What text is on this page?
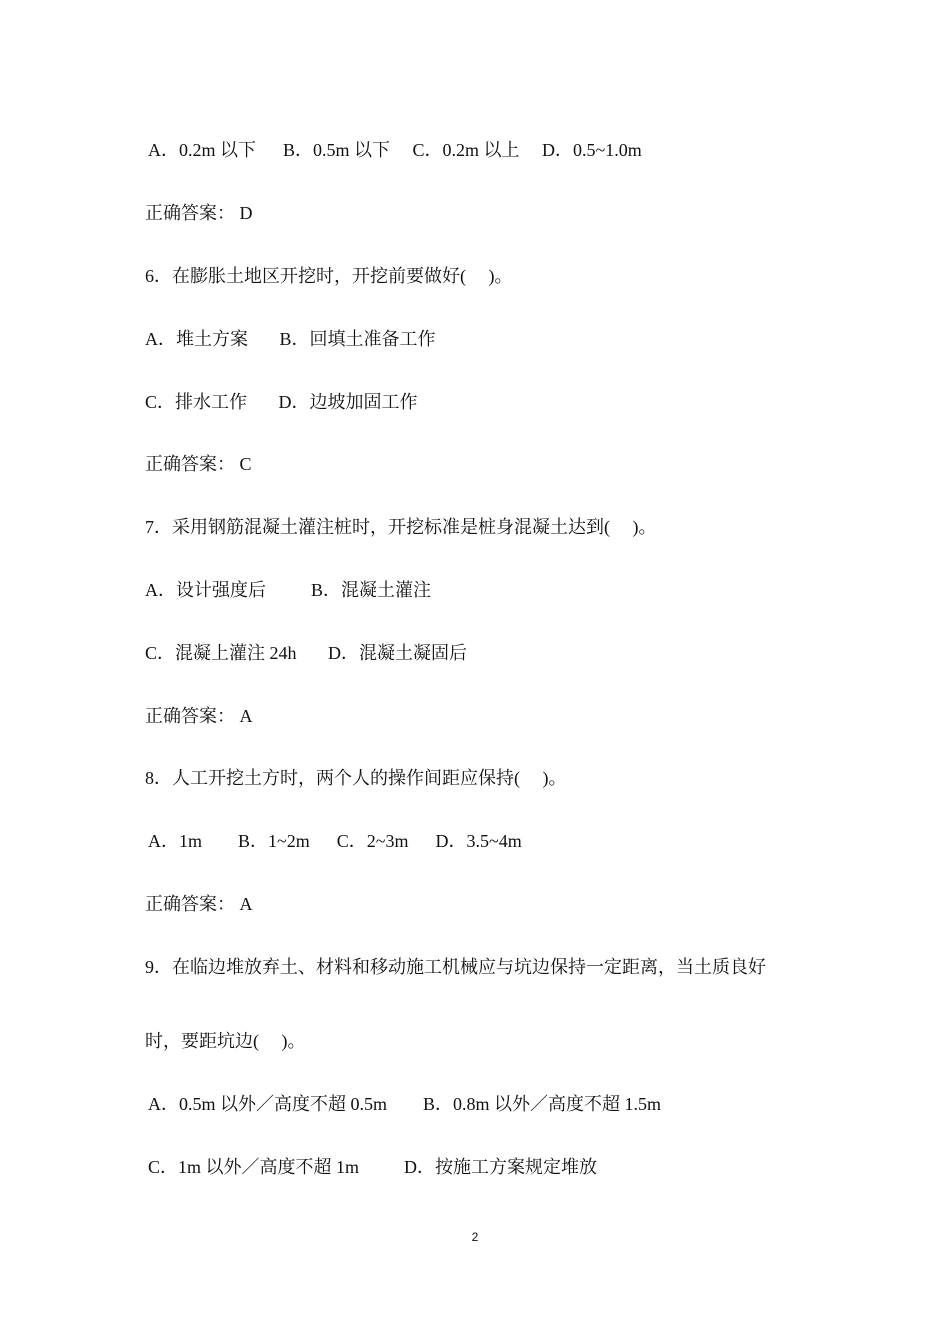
A．0.2m 以下      B．0.5m 以下     C．0.2m 以上     D．0.5~1.0m
正确答案： D
6．在膨胀土地区开挖时，开挖前要做好(     )。
A．堆土方案       B．回填土准备工作
C．排水工作       D．边坡加固工作
正确答案： C
7．采用钢筋混凝土灌注桩时，开挖标准是桩身混凝土达到(     )。
A．设计强度后          B．混凝土灌注
C．混凝上灌注 24h       D．混凝土凝固后
正确答案： A
8．人工开挖土方时，两个人的操作间距应保持(     )。
A．1m        B．1~2m      C．2~3m      D．3.5~4m
正确答案： A
9．在临边堆放弃土、材料和移动施工机械应与坑边保持一定距离，当土质良好
时，要距坑边(     )。
A．0.5m 以外／高度不超 0.5m        B．0.8m 以外／高度不超 1.5m
C．1m 以外／高度不超 1m          D．按施工方案规定堆放
2
